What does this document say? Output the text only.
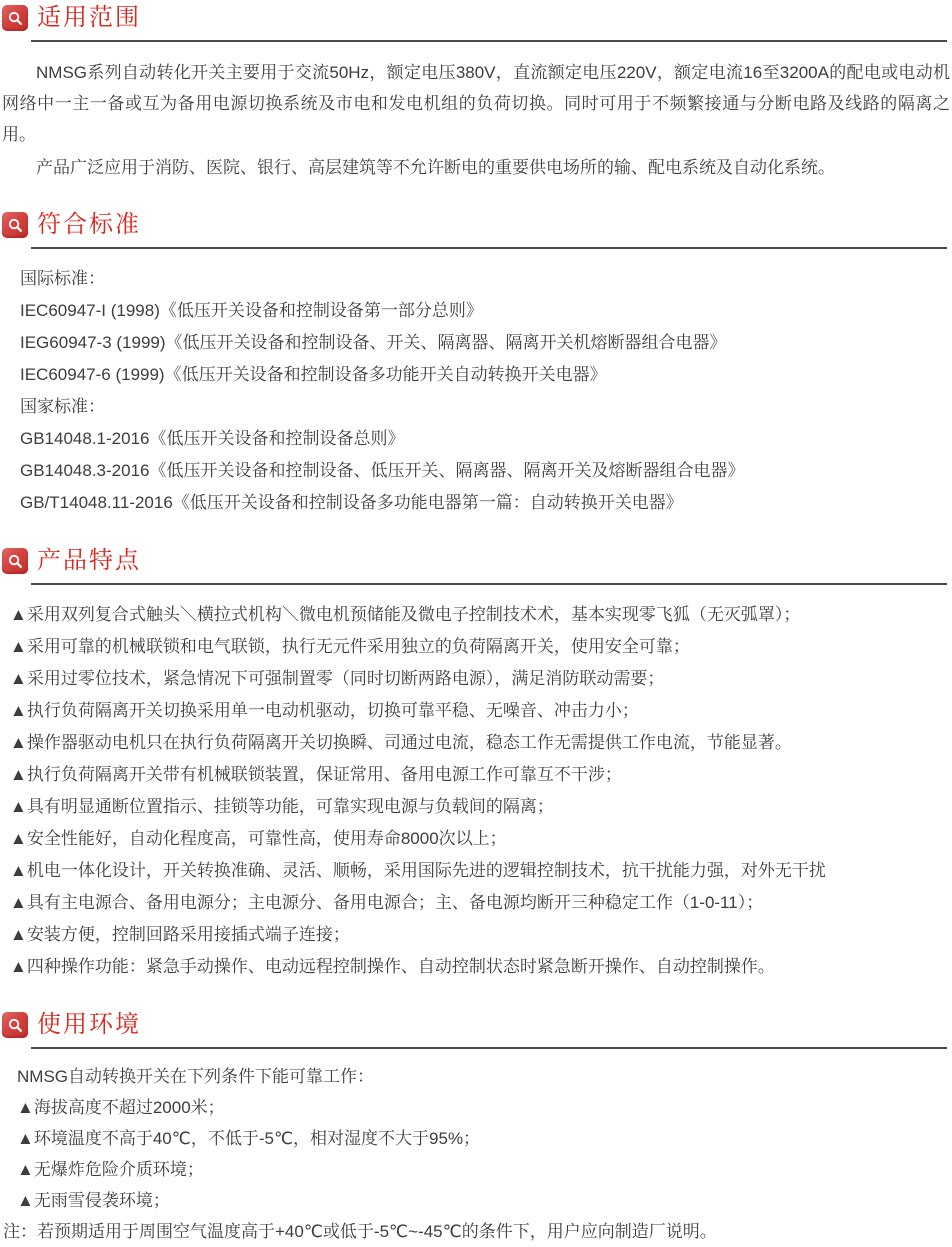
适用范围

NMSG系列自动转化开关主要用于交流50Hz，额定电压380V，直流额定电压220V，额定电流16至3200A的配电或电动机网络中一主一备或互为备用电源切换系统及市电和发电机组的负荷切换。同时可用于不频繁接通与分断电路及线路的隔离之用。

产品广泛应用于消防、医院、银行、高层建筑等不允许断电的重要供电场所的输、配电系统及自动化系统。

符合标准
国际标准：
IEC60947-I (1998)《低压开关设备和控制设备第一部分总则》
IEG60947-3 (1999)《低压开关设备和控制设备、开关、隔离器、隔离开关机熔断器组合电器》
IEC60947-6 (1999)《低压开关设备和控制设备多功能开关自动转换开关电器》
国家标准：
GB14048.1-2016《低压开关设备和控制设备总则》
GB14048.3-2016《低压开关设备和控制设备、低压开关、隔离器、隔离开关及熔断器组合电器》
GB/T14048.11-2016《低压开关设备和控制设备多功能电器第一篇：自动转换开关电器》
产品特点
▲采用双列复合式触头＼横拉式机构＼微电机预储能及微电子控制技术术，基本实现零飞狐（无灭弧罩）；
▲采用可靠的机械联锁和电气联锁，执行无元件采用独立的负荷隔离开关，使用安全可靠；
▲采用过零位技术，紧急情况下可强制置零（同时切断两路电源），满足消防联动需要；
▲执行负荷隔离开关切换采用单一电动机驱动，切换可靠平稳、无噪音、冲击力小；
▲操作器驱动电机只在执行负荷隔离开关切换瞬、司通过电流，稳态工作无需提供工作电流，节能显著。
▲执行负荷隔离开关带有机械联锁装置，保证常用、备用电源工作可靠互不干涉；
▲具有明显通断位置指示、挂锁等功能，可靠实现电源与负载间的隔离；
▲安全性能好，自动化程度高，可靠性高，使用寿命8000次以上；
▲机电一体化设计，开关转换准确、灵活、顺畅，采用国际先进的逻辑控制技术，抗干扰能力强，对外无干扰
▲具有主电源合、备用电源分；主电源分、备用电源合；主、备电源均断开三种稳定工作（1-0-11）；
▲安装方便，控制回路采用接插式端子连接；
▲四种操作功能：紧急手动操作、电动远程控制操作、自动控制状态时紧急断开操作、自动控制操作。
使用环境
NMSG自动转换开关在下列条件下能可靠工作：
▲海拔高度不超过2000米；
▲环境温度不高于40℃，不低于-5℃，相对湿度不大于95%；
▲无爆炸危险介质环境；
▲无雨雪侵袭环境；
注：若预期适用于周围空气温度高于+40℃或低于-5℃~-45℃的条件下，用户应向制造厂说明。
